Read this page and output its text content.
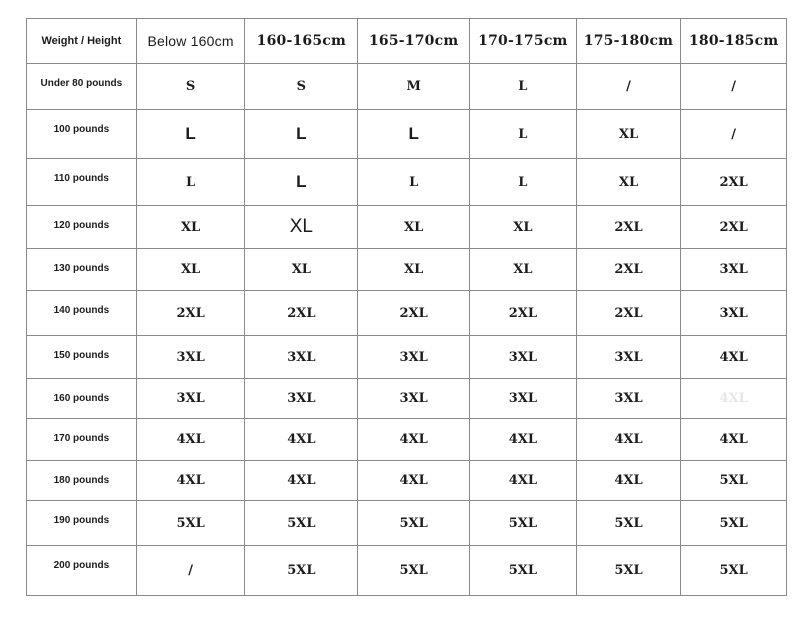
Weight / Height	Below 160cm	160-165cm	165-170cm	170-175cm	175-180cm	180-185cm
Under 80 pounds	S	S	M	L	/	/
100 pounds	L	L	L	L	XL	/
110 pounds	L	L	L	L	XL	2XL
120 pounds	XL	XL	XL	XL	2XL	2XL
130 pounds	XL	XL	XL	XL	2XL	3XL
140 pounds	2XL	2XL	2XL	2XL	2XL	3XL
150 pounds	3XL	3XL	3XL	3XL	3XL	4XL
160 pounds	3XL	3XL	3XL	3XL	3XL	4XL
170 pounds	4XL	4XL	4XL	4XL	4XL	4XL
180 pounds	4XL	4XL	4XL	4XL	4XL	5XL
190 pounds	5XL	5XL	5XL	5XL	5XL	5XL
200 pounds	/	5XL	5XL	5XL	5XL	5XL
